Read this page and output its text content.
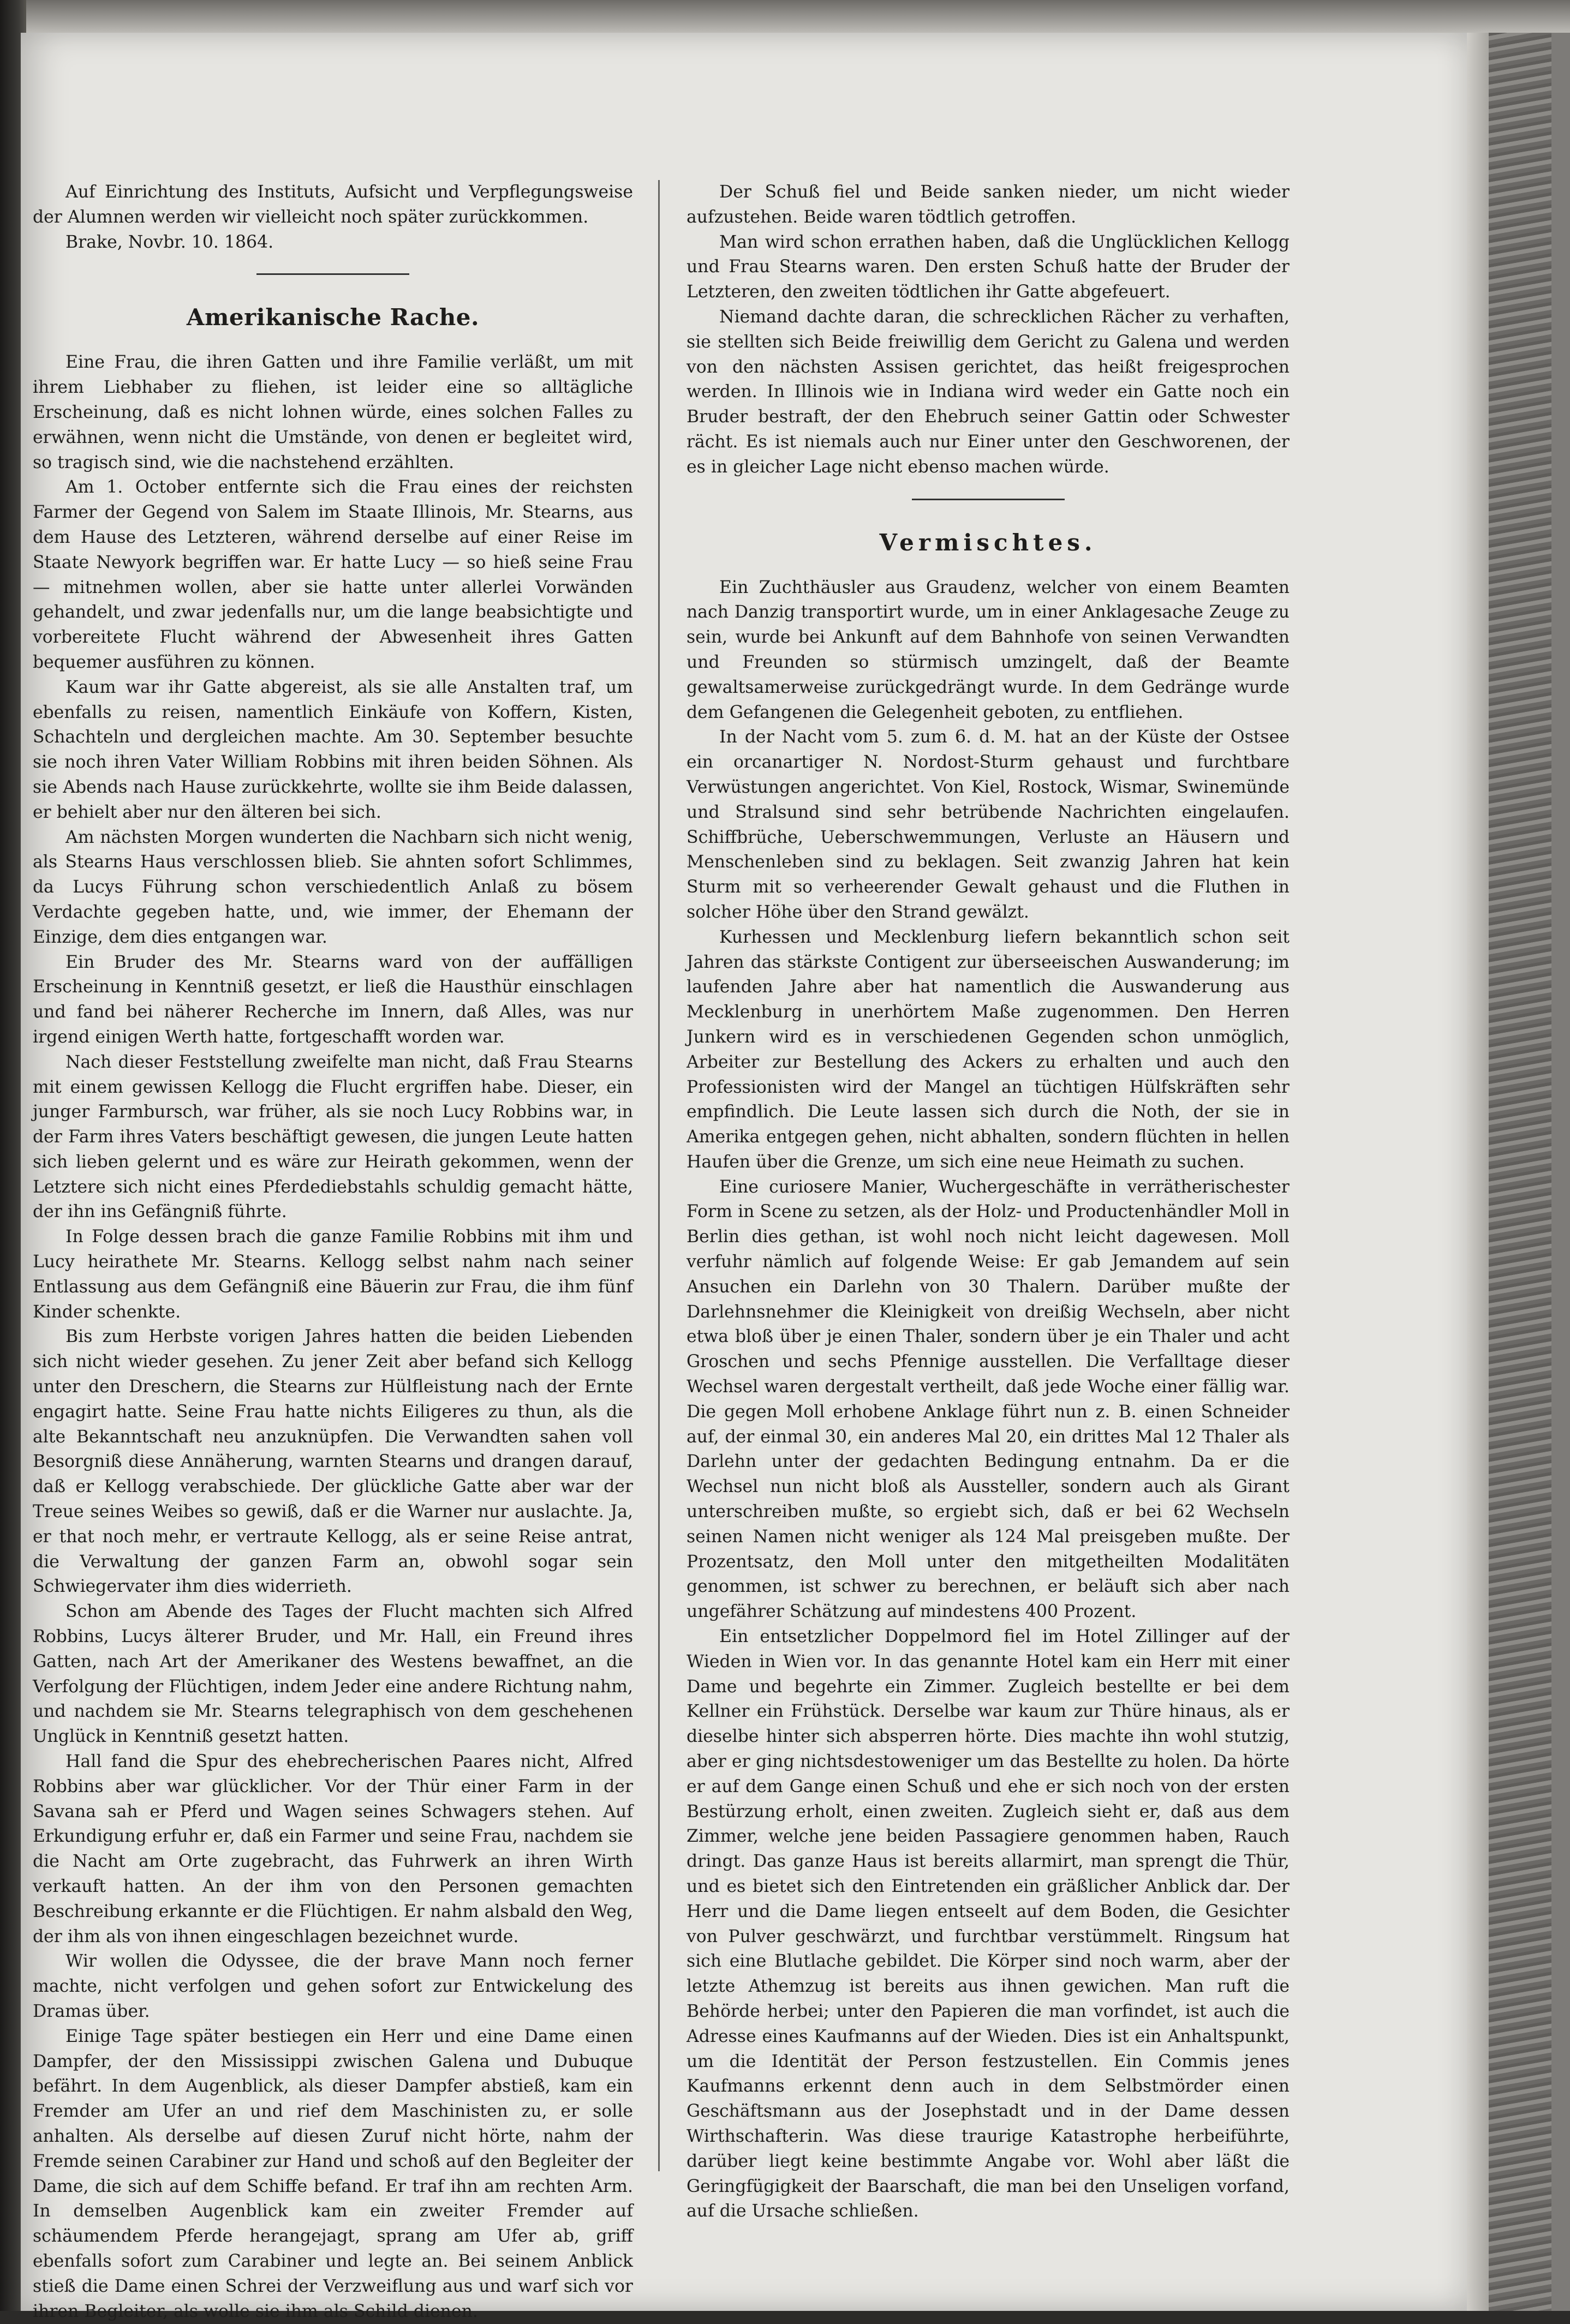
Auf Einrichtung des Instituts, Aufsicht und Verpflegungsweise der Alumnen werden wir vielleicht noch später zurückkommen.

Brake, Novbr. 10. 1864.

Amerikanische Rache.

Eine Frau, die ihren Gatten und ihre Familie verläßt, um mit ihrem Liebhaber zu fliehen, ist leider eine so alltägliche Erscheinung, daß es nicht lohnen würde, eines solchen Falles zu erwähnen, wenn nicht die Umstände, von denen er begleitet wird, so tragisch sind, wie die nachstehend erzählten.

Am 1. October entfernte sich die Frau eines der reichsten Farmer der Gegend von Salem im Staate Illinois, Mr. Stearns, aus dem Hause des Letzteren, während derselbe auf einer Reise im Staate Newyork begriffen war. Er hatte Lucy — so hieß seine Frau — mitnehmen wollen, aber sie hatte unter allerlei Vorwänden gehandelt, und zwar jedenfalls nur, um die lange beabsichtigte und vorbereitete Flucht während der Abwesenheit ihres Gatten bequemer ausführen zu können.

Kaum war ihr Gatte abgereist, als sie alle Anstalten traf, um ebenfalls zu reisen, namentlich Einkäufe von Koffern, Kisten, Schachteln und dergleichen machte. Am 30. September besuchte sie noch ihren Vater William Robbins mit ihren beiden Söhnen. Als sie Abends nach Hause zurückkehrte, wollte sie ihm Beide dalassen, er behielt aber nur den älteren bei sich.

Am nächsten Morgen wunderten die Nachbarn sich nicht wenig, als Stearns Haus verschlossen blieb. Sie ahnten sofort Schlimmes, da Lucys Führung schon verschiedentlich Anlaß zu bösem Verdachte gegeben hatte, und, wie immer, der Ehemann der Einzige, dem dies entgangen war.

Ein Bruder des Mr. Stearns ward von der auffälligen Erscheinung in Kenntniß gesetzt, er ließ die Hausthür einschlagen und fand bei näherer Recherche im Innern, daß Alles, was nur irgend einigen Werth hatte, fortgeschafft worden war.

Nach dieser Feststellung zweifelte man nicht, daß Frau Stearns mit einem gewissen Kellogg die Flucht ergriffen habe. Dieser, ein junger Farmbursch, war früher, als sie noch Lucy Robbins war, in der Farm ihres Vaters beschäftigt gewesen, die jungen Leute hatten sich lieben gelernt und es wäre zur Heirath gekommen, wenn der Letztere sich nicht eines Pferdediebstahls schuldig gemacht hätte, der ihn ins Gefängniß führte.

In Folge dessen brach die ganze Familie Robbins mit ihm und Lucy heirathete Mr. Stearns. Kellogg selbst nahm nach seiner Entlassung aus dem Gefängniß eine Bäuerin zur Frau, die ihm fünf Kinder schenkte.

Bis zum Herbste vorigen Jahres hatten die beiden Liebenden sich nicht wieder gesehen. Zu jener Zeit aber befand sich Kellogg unter den Dreschern, die Stearns zur Hülfleistung nach der Ernte engagirt hatte. Seine Frau hatte nichts Eiligeres zu thun, als die alte Bekanntschaft neu anzuknüpfen. Die Verwandten sahen voll Besorgniß diese Annäherung, warnten Stearns und drangen darauf, daß er Kellogg verabschiede. Der glückliche Gatte aber war der Treue seines Weibes so gewiß, daß er die Warner nur auslachte. Ja, er that noch mehr, er vertraute Kellogg, als er seine Reise antrat, die Verwaltung der ganzen Farm an, obwohl sogar sein Schwiegervater ihm dies widerrieth.

Schon am Abende des Tages der Flucht machten sich Alfred Robbins, Lucys älterer Bruder, und Mr. Hall, ein Freund ihres Gatten, nach Art der Amerikaner des Westens bewaffnet, an die Verfolgung der Flüchtigen, indem Jeder eine andere Richtung nahm, und nachdem sie Mr. Stearns telegraphisch von dem geschehenen Unglück in Kenntniß gesetzt hatten.

Hall fand die Spur des ehebrecherischen Paares nicht, Alfred Robbins aber war glücklicher. Vor der Thür einer Farm in der Savana sah er Pferd und Wagen seines Schwagers stehen. Auf Erkundigung erfuhr er, daß ein Farmer und seine Frau, nachdem sie die Nacht am Orte zugebracht, das Fuhrwerk an ihren Wirth verkauft hatten. An der ihm von den Personen gemachten Beschreibung erkannte er die Flüchtigen. Er nahm alsbald den Weg, der ihm als von ihnen eingeschlagen bezeichnet wurde.

Wir wollen die Odyssee, die der brave Mann noch ferner machte, nicht verfolgen und gehen sofort zur Entwickelung des Dramas über.

Einige Tage später bestiegen ein Herr und eine Dame einen Dampfer, der den Mississippi zwischen Galena und Dubuque befährt. In dem Augenblick, als dieser Dampfer abstieß, kam ein Fremder am Ufer an und rief dem Maschinisten zu, er solle anhalten. Als derselbe auf diesen Zuruf nicht hörte, nahm der Fremde seinen Carabiner zur Hand und schoß auf den Begleiter der Dame, die sich auf dem Schiffe befand. Er traf ihn am rechten Arm. In demselben Augenblick kam ein zweiter Fremder auf schäumendem Pferde herangejagt, sprang am Ufer ab, griff ebenfalls sofort zum Carabiner und legte an. Bei seinem Anblick stieß die Dame einen Schrei der Verzweiflung aus und warf sich vor ihren Begleiter, als wolle sie ihm als Schild dienen.

Der Schuß fiel und Beide sanken nieder, um nicht wieder aufzustehen. Beide waren tödtlich getroffen.

Man wird schon errathen haben, daß die Unglücklichen Kellogg und Frau Stearns waren. Den ersten Schuß hatte der Bruder der Letzteren, den zweiten tödtlichen ihr Gatte abgefeuert.

Niemand dachte daran, die schrecklichen Rächer zu verhaften, sie stellten sich Beide freiwillig dem Gericht zu Galena und werden von den nächsten Assisen gerichtet, das heißt freigesprochen werden. In Illinois wie in Indiana wird weder ein Gatte noch ein Bruder bestraft, der den Ehebruch seiner Gattin oder Schwester rächt. Es ist niemals auch nur Einer unter den Geschworenen, der es in gleicher Lage nicht ebenso machen würde.

Vermischtes.

Ein Zuchthäusler aus Graudenz, welcher von einem Beamten nach Danzig transportirt wurde, um in einer Anklagesache Zeuge zu sein, wurde bei Ankunft auf dem Bahnhofe von seinen Verwandten und Freunden so stürmisch umzingelt, daß der Beamte gewaltsamerweise zurückgedrängt wurde. In dem Gedränge wurde dem Gefangenen die Gelegenheit geboten, zu entfliehen.

In der Nacht vom 5. zum 6. d. M. hat an der Küste der Ostsee ein orcanartiger N. Nordost-Sturm gehaust und furchtbare Verwüstungen angerichtet. Von Kiel, Rostock, Wismar, Swinemünde und Stralsund sind sehr betrübende Nachrichten eingelaufen. Schiffbrüche, Ueberschwemmungen, Verluste an Häusern und Menschenleben sind zu beklagen. Seit zwanzig Jahren hat kein Sturm mit so verheerender Gewalt gehaust und die Fluthen in solcher Höhe über den Strand gewälzt.

Kurhessen und Mecklenburg liefern bekanntlich schon seit Jahren das stärkste Contigent zur überseeischen Auswanderung; im laufenden Jahre aber hat namentlich die Auswanderung aus Mecklenburg in unerhörtem Maße zugenommen. Den Herren Junkern wird es in verschiedenen Gegenden schon unmöglich, Arbeiter zur Bestellung des Ackers zu erhalten und auch den Professionisten wird der Mangel an tüchtigen Hülfskräften sehr empfindlich. Die Leute lassen sich durch die Noth, der sie in Amerika entgegen gehen, nicht abhalten, sondern flüchten in hellen Haufen über die Grenze, um sich eine neue Heimath zu suchen.

Eine curiosere Manier, Wuchergeschäfte in verrätherischester Form in Scene zu setzen, als der Holz- und Productenhändler Moll in Berlin dies gethan, ist wohl noch nicht leicht dagewesen. Moll verfuhr nämlich auf folgende Weise: Er gab Jemandem auf sein Ansuchen ein Darlehn von 30 Thalern. Darüber mußte der Darlehnsnehmer die Kleinigkeit von dreißig Wechseln, aber nicht etwa bloß über je einen Thaler, sondern über je ein Thaler und acht Groschen und sechs Pfennige ausstellen. Die Verfalltage dieser Wechsel waren dergestalt vertheilt, daß jede Woche einer fällig war. Die gegen Moll erhobene Anklage führt nun z. B. einen Schneider auf, der einmal 30, ein anderes Mal 20, ein drittes Mal 12 Thaler als Darlehn unter der gedachten Bedingung entnahm. Da er die Wechsel nun nicht bloß als Aussteller, sondern auch als Girant unterschreiben mußte, so ergiebt sich, daß er bei 62 Wechseln seinen Namen nicht weniger als 124 Mal preisgeben mußte. Der Prozentsatz, den Moll unter den mitgetheilten Modalitäten genommen, ist schwer zu berechnen, er beläuft sich aber nach ungefährer Schätzung auf mindestens 400 Prozent.

Ein entsetzlicher Doppelmord fiel im Hotel Zillinger auf der Wieden in Wien vor. In das genannte Hotel kam ein Herr mit einer Dame und begehrte ein Zimmer. Zugleich bestellte er bei dem Kellner ein Frühstück. Derselbe war kaum zur Thüre hinaus, als er dieselbe hinter sich absperren hörte. Dies machte ihn wohl stutzig, aber er ging nichtsdestoweniger um das Bestellte zu holen. Da hörte er auf dem Gange einen Schuß und ehe er sich noch von der ersten Bestürzung erholt, einen zweiten. Zugleich sieht er, daß aus dem Zimmer, welche jene beiden Passagiere genommen haben, Rauch dringt. Das ganze Haus ist bereits allarmirt, man sprengt die Thür, und es bietet sich den Eintretenden ein gräßlicher Anblick dar. Der Herr und die Dame liegen entseelt auf dem Boden, die Gesichter von Pulver geschwärzt, und furchtbar verstümmelt. Ringsum hat sich eine Blutlache gebildet. Die Körper sind noch warm, aber der letzte Athemzug ist bereits aus ihnen gewichen. Man ruft die Behörde herbei; unter den Papieren die man vorfindet, ist auch die Adresse eines Kaufmanns auf der Wieden. Dies ist ein Anhaltspunkt, um die Identität der Person festzustellen. Ein Commis jenes Kaufmanns erkennt denn auch in dem Selbstmörder einen Geschäftsmann aus der Josephstadt und in der Dame dessen Wirthschafterin. Was diese traurige Katastrophe herbeiführte, darüber liegt keine bestimmte Angabe vor. Wohl aber läßt die Geringfügigkeit der Baarschaft, die man bei den Unseligen vorfand, auf die Ursache schließen.
